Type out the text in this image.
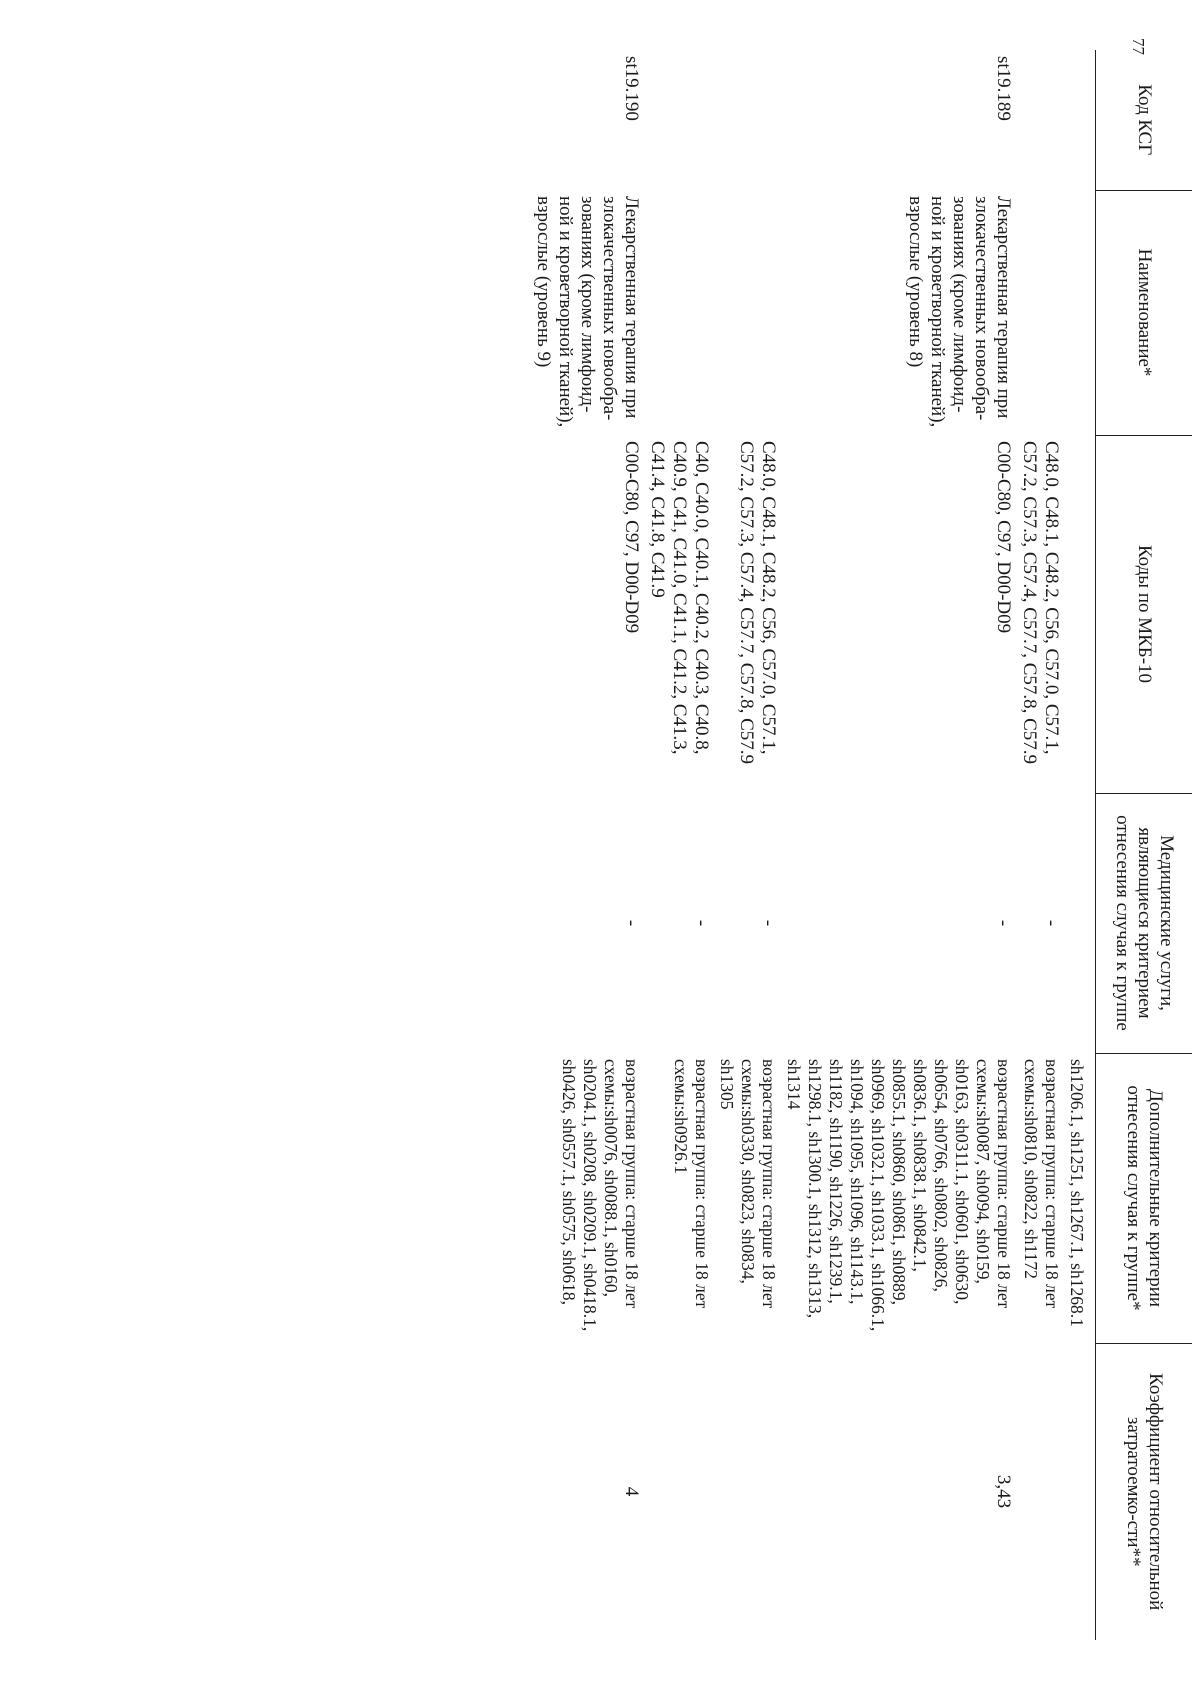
77
Код КСГ	Наименование*	Коды по МКБ-10	Медицинские услуги, являющиеся критерием отнесения случая к группе	Дополнительные критерии отнесения случая к группе*	Коэффициент относительной затратоемко-сти**

				sh1206.1, sh1251, sh1267.1, sh1268.1	
		C48.0, C48.1, C48.2, C56, C57.0, C57.1, C57.2, C57.3, C57.4, C57.7, C57.8, C57.9	-	возрастная группа: старше 18 лет схемы:sh0810, sh0822, sh1172	
st19.189	Лекарственная терапия при злокачественных новообра-зованиях (кроме лимфоид-ной и кроветворной тканей), взрослые (уровень 8)	C00-C80, C97, D00-D09	-	возрастная группа: старше 18 лет схемы:sh0087, sh0094, sh0159, sh0163, sh0311.1, sh0601, sh0630, sh0654, sh0766, sh0802, sh0826, sh0836.1, sh0838.1, sh0842.1, sh0855.1, sh0860, sh0861, sh0889, sh0969, sh1032.1, sh1033.1, sh1066.1, sh1094, sh1095, sh1096, sh1143.1, sh1182, sh1190, sh1226, sh1239.1, sh1298.1, sh1300.1, sh1312, sh1313, sh1314	3,43
		C48.0, C48.1, C48.2, C56, C57.0, C57.1, C57.2, C57.3, C57.4, C57.7, C57.8, C57.9	-	возрастная группа: старше 18 лет схемы:sh0330, sh0823, sh0834, sh1305	
		C40, C40.0, C40.1, C40.2, C40.3, C40.8, C40.9, C41, C41.0, C41.1, C41.2, C41.3, C41.4, C41.8, C41.9	-	возрастная группа: старше 18 лет схемы:sh0926.1	
st19.190	Лекарственная терапия при злокачественных новообра-зованиях (кроме лимфоид-ной и кроветворной тканей), взрослые (уровень 9)	C00-C80, C97, D00-D09	-	возрастная группа: старше 18 лет схемы:sh0076, sh0088.1, sh0160, sh0204.1, sh0208, sh0209.1, sh0418.1, sh0426, sh0557.1, sh0575, sh0618,	4
